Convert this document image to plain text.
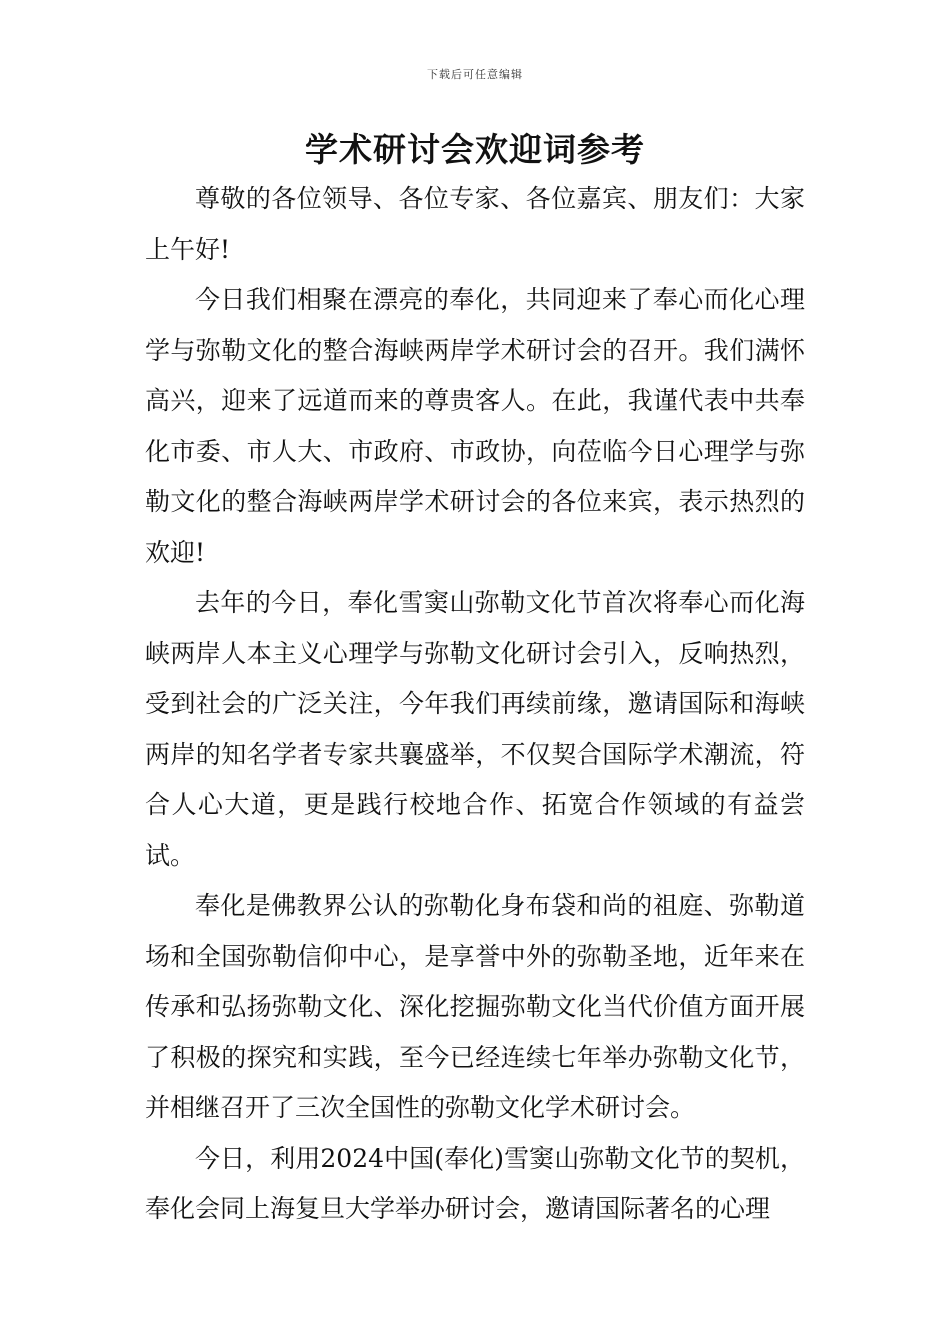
下载后可任意编辑
学术研讨会欢迎词参考

尊敬的各位领导、各位专家、各位嘉宾、朋友们：大家上午好!

今日我们相聚在漂亮的奉化，共同迎来了奉心而化心理学与弥勒文化的整合海峡两岸学术研讨会的召开。我们满怀高兴，迎来了远道而来的尊贵客人。在此，我谨代表中共奉化市委、市人大、市政府、市政协，向莅临今日心理学与弥勒文化的整合海峡两岸学术研讨会的各位来宾，表示热烈的欢迎!

去年的今日，奉化雪窦山弥勒文化节首次将奉心而化海峡两岸人本主义心理学与弥勒文化研讨会引入，反响热烈，受到社会的广泛关注，今年我们再续前缘，邀请国际和海峡两岸的知名学者专家共襄盛举，不仅契合国际学术潮流，符合人心大道，更是践行校地合作、拓宽合作领域的有益尝试。

奉化是佛教界公认的弥勒化身布袋和尚的祖庭、弥勒道场和全国弥勒信仰中心，是享誉中外的弥勒圣地，近年来在传承和弘扬弥勒文化、深化挖掘弥勒文化当代价值方面开展了积极的探究和实践，至今已经连续七年举办弥勒文化节，并相继召开了三次全国性的弥勒文化学术研讨会。

今日，利用2024中国(奉化)雪窦山弥勒文化节的契机，奉化会同上海复旦大学举办研讨会，邀请国际著名的心理
